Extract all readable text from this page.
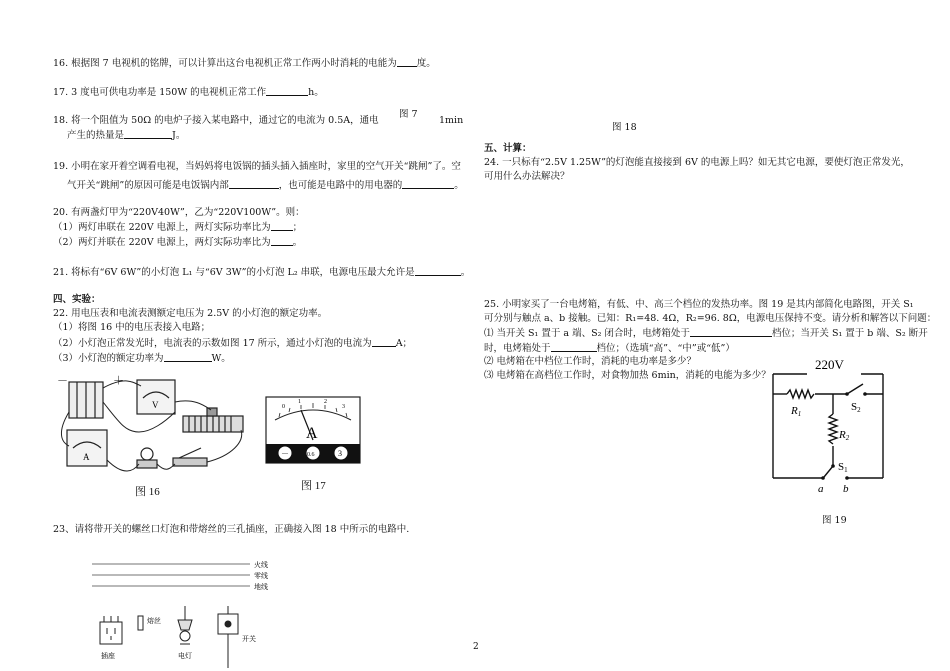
16. 根据图 7 电视机的铭牌，可以计算出这台电视机正常工作两小时消耗的电能为 度。
17. 3 度电可供电功率是 150W 的电视机正常工作	h。
18. 将一个阻值为 50Ω 的电炉子接入某电路中，通过它的电流为 0.5A，通电
图 7
1min
产生的热量是	J。
19. 小明在家开着空调看电视，当妈妈将电饭锅的插头插入插座时，家里的空气开关“跳闸”了。空
气开关“跳闸”的原因可能是电饭锅内部	，也可能是电路中的用电器的	。
20. 有两盏灯甲为“220V40W”，乙为“220V100W”。则：
（1）两灯串联在 220V 电源上，两灯实际功率比为 ；
（2）两灯并联在 220V 电源上，两灯实际功率比为 。
21. 将标有“6V 6W”的小灯泡 L₁ 与“6V 3W”的小灯泡 L₂ 串联，电源电压最大允许是	。
四、实验：
22. 用电压表和电流表测额定电压为 2.5V 的小灯泡的额定功率。
（1）将图 16 中的电压表接入电路；
（2）小灯泡正常发光时，电流表的示数如图 17 所示，通过小灯泡的电流为	A；
（3）小灯泡的额定功率为	W。
－	＋
V
A
图 16
0
1	2
3
A
－	0.6	3
图 17
23、请将带开关的螺丝口灯泡和带熔丝的三孔插座，正确接入图 18 中所示的电路中.
火线
零线
地线
熔丝
开关
插座	电灯
图 18
五、计算：
24. 一只标有“2.5V 1.25W”的灯泡能直接接到 6V 的电源上吗？如无其它电源，要使灯泡正常发光，
可用什么办法解决？
25. 小明家买了一台电烤箱，有低、中、高三个档位的发热功率。图 19 是其内部简化电路图，开关 S₁
可分别与触点 a、b 接触。已知：R₁=48. 4Ω，R₂=96. 8Ω，电源电压保持不变。请分析和解答以下问题：
⑴ 当开关 S₁ 置于 a 端、S₂ 闭合时，电烤箱处于	档位；当开关 S₁ 置于 b 端、S₂ 断开
时，电烤箱处于	档位；（选填“高”、“中”或“低”）
⑵ 电烤箱在中档位工作时，消耗的电功率是多少？
⑶ 电烤箱在高档位工作时，对食物加热 6min，消耗的电能为多少？
220V
R1
R2
S2
S1
a b
图 19
2
